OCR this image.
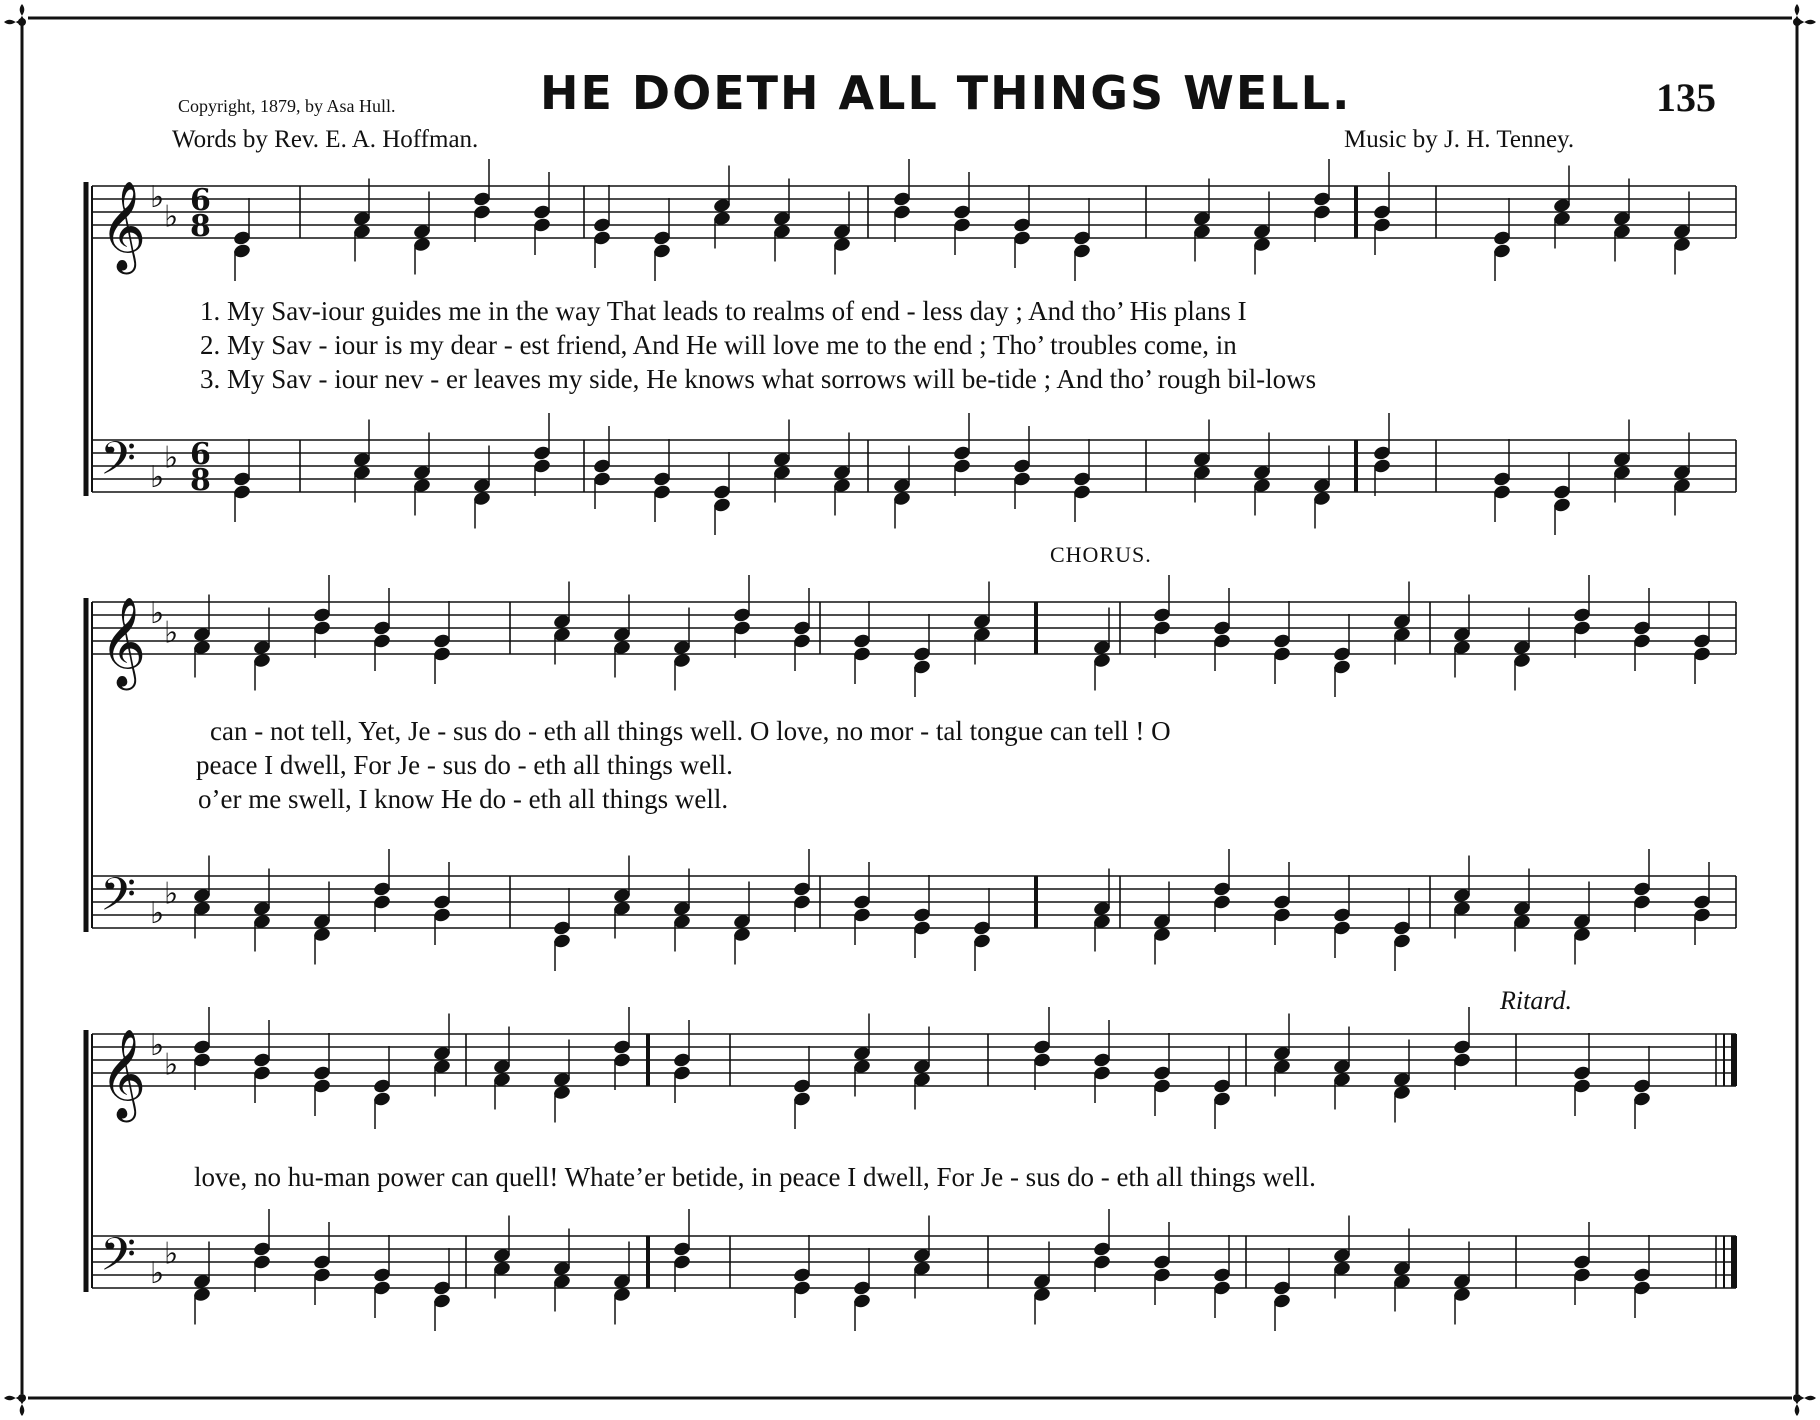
Copyright, 1879, by Asa Hull.	HE DOETH ALL THINGS WELL.	135
Words by Rev. E. A. Hoffman.	Music by J. H. Tenney.
𝄞 ♭
♭ 6
8
𝄢 ♭
♭ 6
8
𝄞 ♭
♭
𝄢 ♭
♭
𝄞 ♭
♭
𝄢 ♭
♭
1. My Sav-iour guides me in the way That leads to realms of end - less day ; And tho’ His plans I
2. My Sav - iour is my dear - est friend, And He will love me to the end ; Tho’ troubles come, in
3. My Sav - iour nev - er leaves my side, He knows what sorrows will be-tide ; And tho’ rough bil-lows
CHORUS.
can - not tell, Yet, Je - sus do - eth all things well. O love, no mor - tal tongue can tell ! O
peace I dwell, For Je - sus do - eth all things well.
o’er me swell, I know He do - eth all things well.
Ritard.
love, no hu-man power can quell! Whate’er betide, in peace I dwell, For Je - sus do - eth all things well.
